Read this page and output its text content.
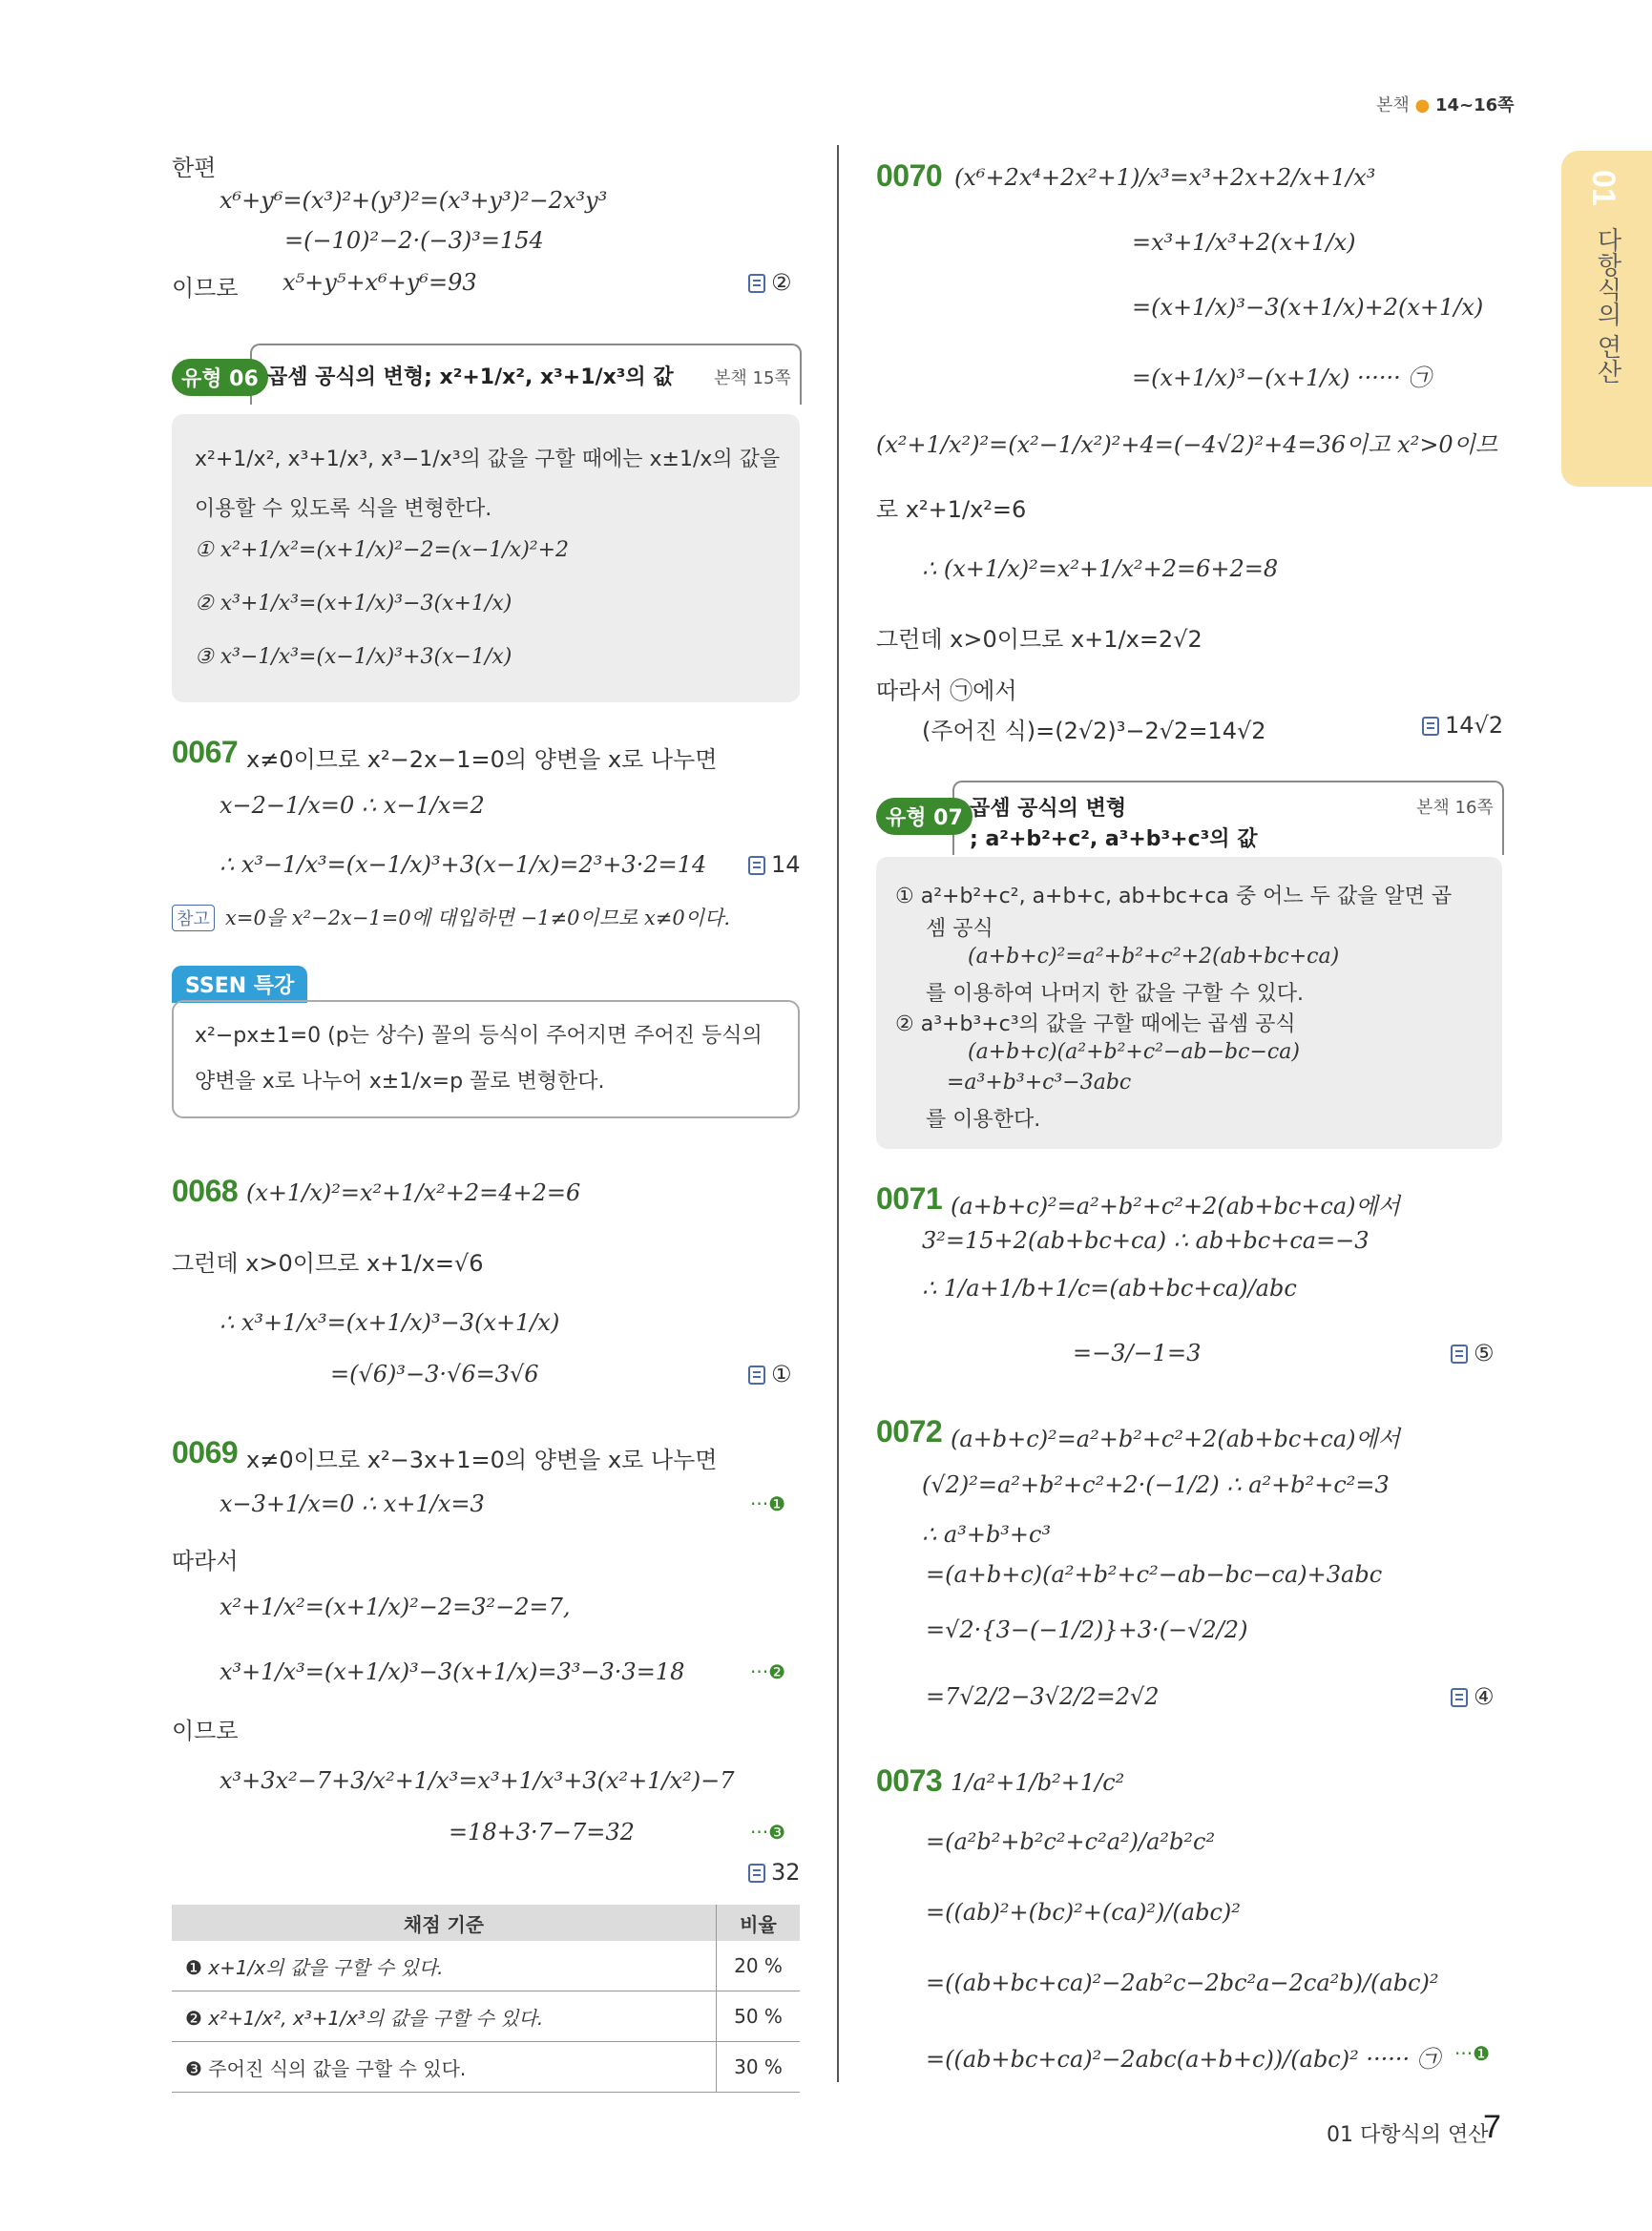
본책 ● 14~16쪽
01
다항식의 연산
한편
x⁶+y⁶=(x³)²+(y³)²=(x³+y³)²−2x³y³
=(−10)²−2·(−3)³=154
이므로 x⁵+y⁵+x⁶+y⁶=93	②
유형 06 곱셈 공식의 변형; x²+1/x², x³+1/x³의 값 본책 15쪽
x²+1/x², x³+1/x³, x³−1/x³의 값을 구할 때에는 x±1/x의 값을
이용할 수 있도록 식을 변형한다.
① x²+1/x²=(x+1/x)²−2=(x−1/x)²+2
② x³+1/x³=(x+1/x)³−3(x+1/x)
③ x³−1/x³=(x−1/x)³+3(x−1/x)
0067 x≠0이므로 x²−2x−1=0의 양변을 x로 나누면
x−2−1/x=0 ∴ x−1/x=2
∴ x³−1/x³=(x−1/x)³+3(x−1/x)=2³+3·2=14	14
참고 x=0을 x²−2x−1=0에 대입하면 −1≠0이므로 x≠0이다.
SSEN 특강
x²−px±1=0 (p는 상수) 꼴의 등식이 주어지면 주어진 등식의
양변을 x로 나누어 x±1/x=p 꼴로 변형한다.
0068 (x+1/x)²=x²+1/x²+2=4+2=6
그런데 x>0이므로 x+1/x=√6
∴ x³+1/x³=(x+1/x)³−3(x+1/x)
=(√6)³−3·√6=3√6	①
0069 x≠0이므로 x²−3x+1=0의 양변을 x로 나누면
x−3+1/x=0 ∴ x+1/x=3	···❶
따라서
x²+1/x²=(x+1/x)²−2=3²−2=7,
x³+1/x³=(x+1/x)³−3(x+1/x)=3³−3·3=18	···❷
이므로
x³+3x²−7+3/x²+1/x³=x³+1/x³+3(x²+1/x²)−7
=18+3·7−7=32	···❸
32
채점 기준	비율
❶ x+1/x의 값을 구할 수 있다.	20 %
❷ x²+1/x², x³+1/x³의 값을 구할 수 있다.	50 %
❸ 주어진 식의 값을 구할 수 있다.	30 %
0070 (x⁶+2x⁴+2x²+1)/x³=x³+2x+2/x+1/x³
=x³+1/x³+2(x+1/x)
=(x+1/x)³−3(x+1/x)+2(x+1/x)
=(x+1/x)³−(x+1/x) ······ ㉠
(x²+1/x²)²=(x²−1/x²)²+4=(−4√2)²+4=36이고 x²>0이므
로 x²+1/x²=6
∴ (x+1/x)²=x²+1/x²+2=6+2=8
그런데 x>0이므로 x+1/x=2√2
따라서 ㉠에서
(주어진 식)=(2√2)³−2√2=14√2	14√2
유형 07 곱셈 공식의 변형
; a²+b²+c², a³+b³+c³의 값
본책 16쪽
① a²+b²+c², a+b+c, ab+bc+ca 중 어느 두 값을 알면 곱
셈 공식
(a+b+c)²=a²+b²+c²+2(ab+bc+ca)
를 이용하여 나머지 한 값을 구할 수 있다.
② a³+b³+c³의 값을 구할 때에는 곱셈 공식
(a+b+c)(a²+b²+c²−ab−bc−ca)
=a³+b³+c³−3abc
를 이용한다.
0071 (a+b+c)²=a²+b²+c²+2(ab+bc+ca)에서
3²=15+2(ab+bc+ca) ∴ ab+bc+ca=−3
∴ 1/a+1/b+1/c=(ab+bc+ca)/abc
=−3/−1=3	⑤
0072 (a+b+c)²=a²+b²+c²+2(ab+bc+ca)에서
(√2)²=a²+b²+c²+2·(−1/2) ∴ a²+b²+c²=3
∴ a³+b³+c³
=(a+b+c)(a²+b²+c²−ab−bc−ca)+3abc
=√2·{3−(−1/2)}+3·(−√2/2)
=7√2/2−3√2/2=2√2	④
0073 1/a²+1/b²+1/c²
=(a²b²+b²c²+c²a²)/a²b²c²
=((ab)²+(bc)²+(ca)²)/(abc)²
=((ab+bc+ca)²−2ab²c−2bc²a−2ca²b)/(abc)²
=((ab+bc+ca)²−2abc(a+b+c))/(abc)² ······ ㉠ ···❶
01 다항식의 연산
7
